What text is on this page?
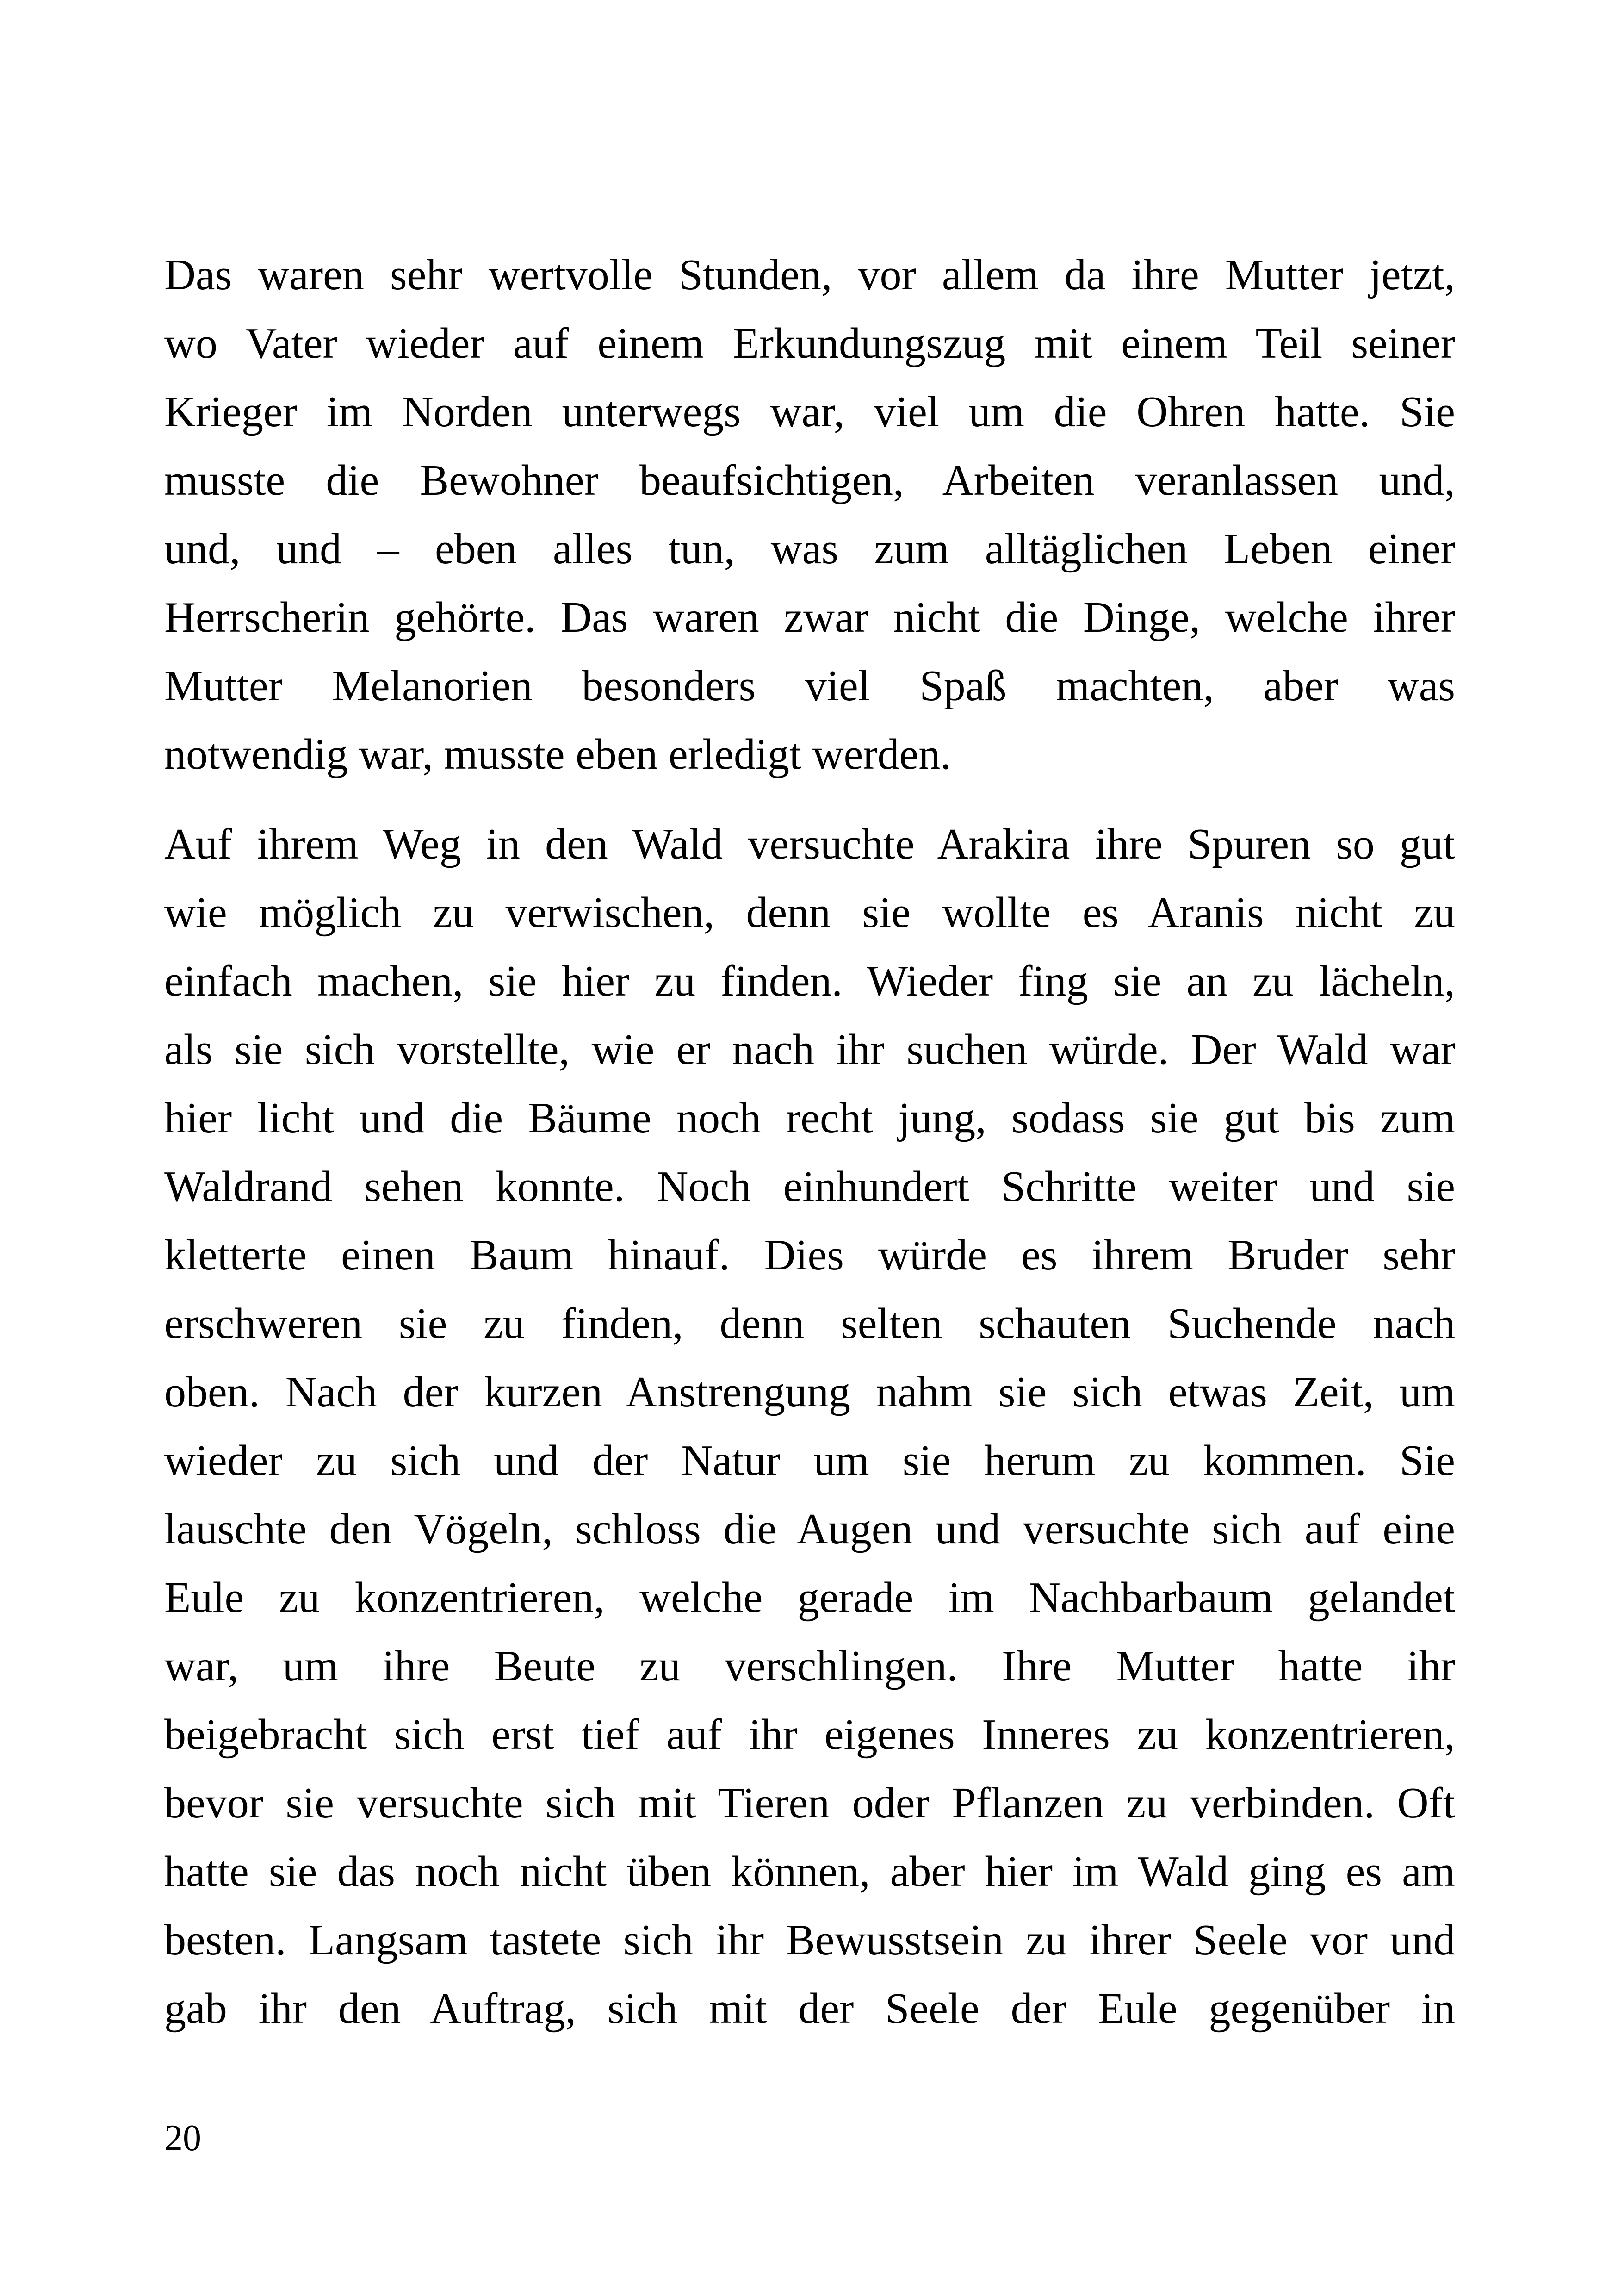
Das waren sehr wertvolle Stunden, vor allem da ihre Mutter jetzt,
wo Vater wieder auf einem Erkundungszug mit einem Teil seiner
Krieger im Norden unterwegs war, viel um die Ohren hatte. Sie
musste die Bewohner beaufsichtigen, Arbeiten veranlassen und,
und, und – eben alles tun, was zum alltäglichen Leben einer
Herrscherin gehörte. Das waren zwar nicht die Dinge, welche ihrer
Mutter Melanorien besonders viel Spaß machten, aber was
notwendig war, musste eben erledigt werden.

Auf ihrem Weg in den Wald versuchte Arakira ihre Spuren so gut
wie möglich zu verwischen, denn sie wollte es Aranis nicht zu
einfach machen, sie hier zu finden. Wieder fing sie an zu lächeln,
als sie sich vorstellte, wie er nach ihr suchen würde. Der Wald war
hier licht und die Bäume noch recht jung, sodass sie gut bis zum
Waldrand sehen konnte. Noch einhundert Schritte weiter und sie
kletterte einen Baum hinauf. Dies würde es ihrem Bruder sehr
erschweren sie zu finden, denn selten schauten Suchende nach
oben. Nach der kurzen Anstrengung nahm sie sich etwas Zeit, um
wieder zu sich und der Natur um sie herum zu kommen. Sie
lauschte den Vögeln, schloss die Augen und versuchte sich auf eine
Eule zu konzentrieren, welche gerade im Nachbarbaum gelandet
war, um ihre Beute zu verschlingen. Ihre Mutter hatte ihr
beigebracht sich erst tief auf ihr eigenes Inneres zu konzentrieren,
bevor sie versuchte sich mit Tieren oder Pflanzen zu verbinden. Oft
hatte sie das noch nicht üben können, aber hier im Wald ging es am
besten. Langsam tastete sich ihr Bewusstsein zu ihrer Seele vor und
gab ihr den Auftrag, sich mit der Seele der Eule gegenüber in

20
